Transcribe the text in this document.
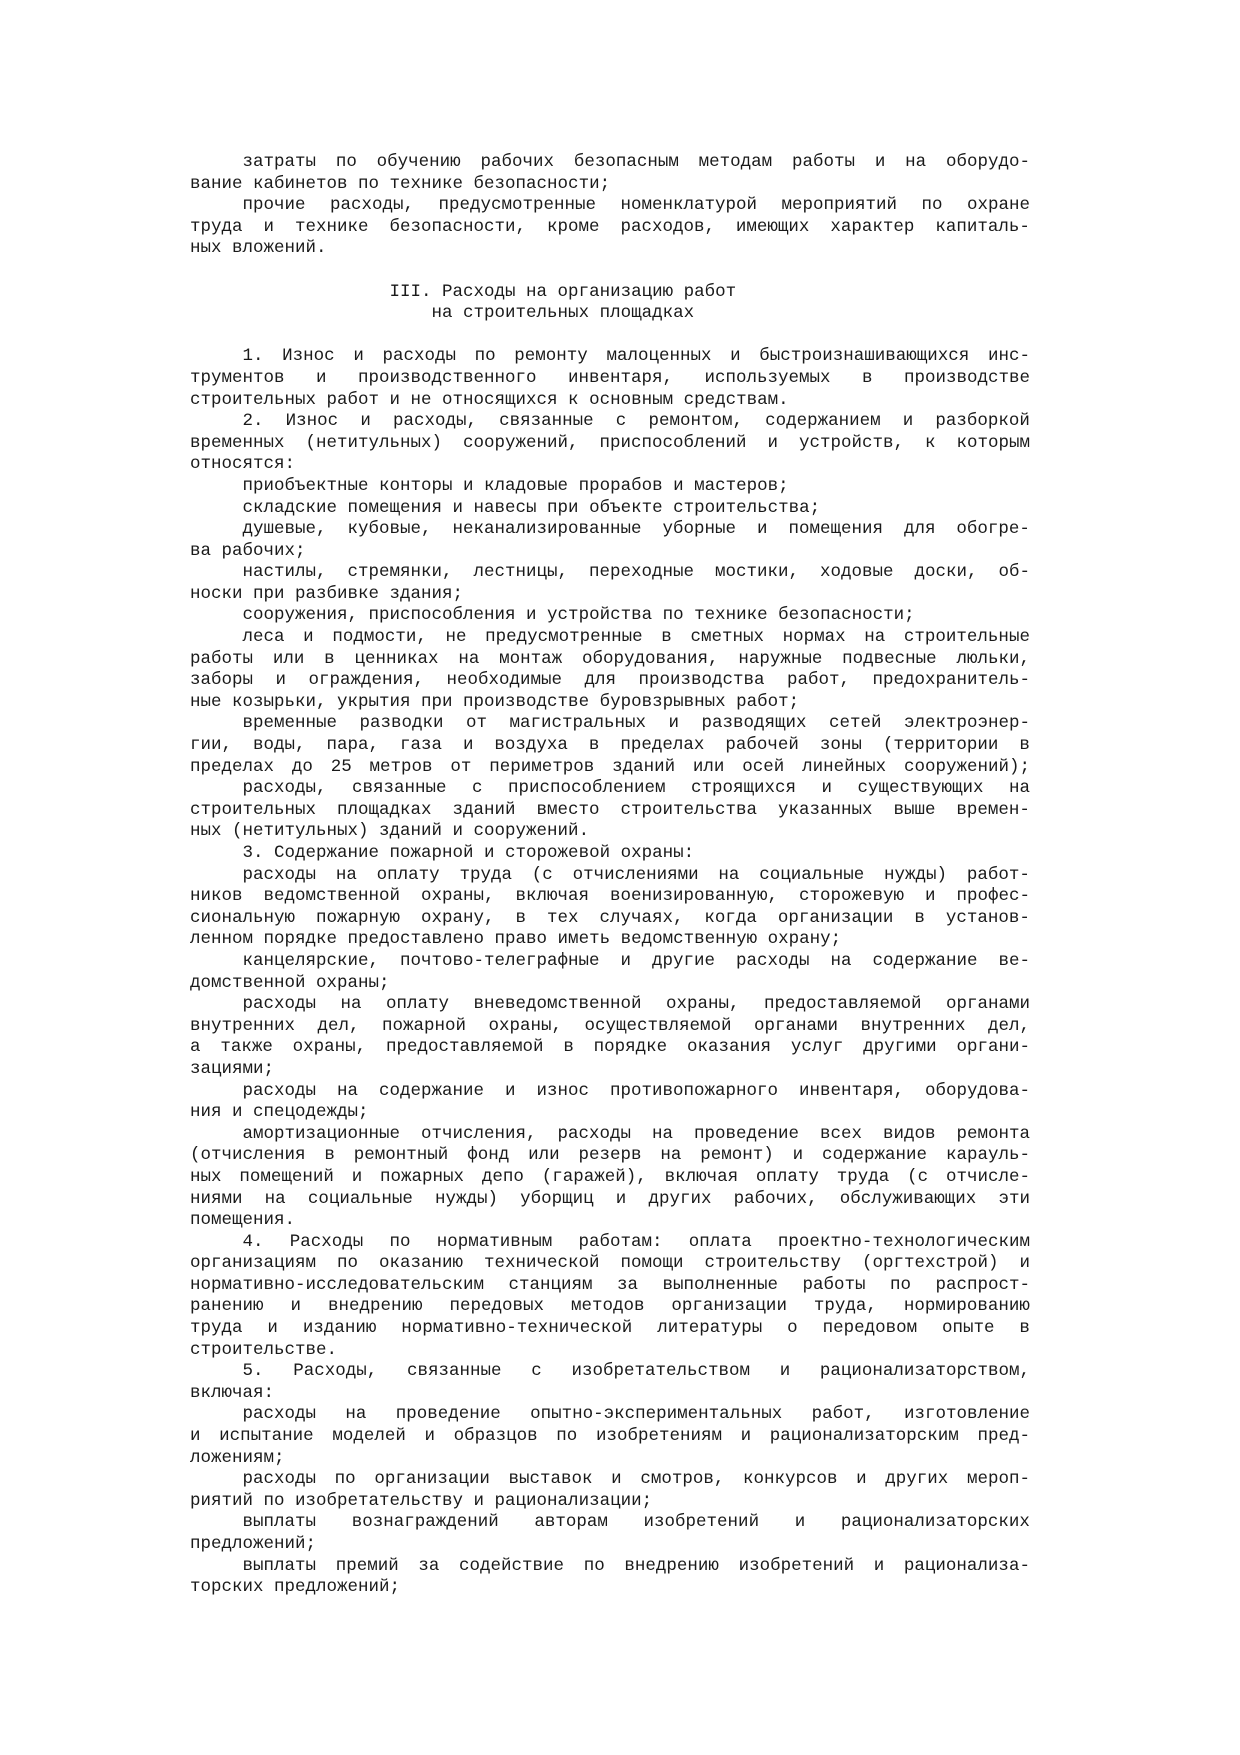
затраты по обучению рабочих безопасным методам работы и на оборудо-
вание кабинетов по технике безопасности;
прочие расходы, предусмотренные номенклатурой мероприятий по охране
труда и технике безопасности, кроме расходов, имеющих характер капиталь-
ных вложений.
III. Расходы на организацию работ
на строительных площадках
1. Износ и расходы по ремонту малоценных и быстроизнашивающихся инс-
трументов и производственного инвентаря, используемых в производстве
строительных работ и не относящихся к основным средствам.
2. Износ и расходы, связанные с ремонтом, содержанием и разборкой
временных (нетитульных) сооружений, приспособлений и устройств, к которым
относятся:
приобъектные конторы и кладовые прорабов и мастеров;
складские помещения и навесы при объекте строительства;
душевые, кубовые, неканализированные уборные и помещения для обогре-
ва рабочих;
настилы, стремянки, лестницы, переходные мостики, ходовые доски, об-
носки при разбивке здания;
сооружения, приспособления и устройства по технике безопасности;
леса и подмости, не предусмотренные в сметных нормах на строительные
работы или в ценниках на монтаж оборудования, наружные подвесные люльки,
заборы и ограждения, необходимые для производства работ, предохранитель-
ные козырьки, укрытия при производстве буровзрывных работ;
временные разводки от магистральных и разводящих сетей электроэнер-
гии, воды, пара, газа и воздуха в пределах рабочей зоны (территории в
пределах до 25 метров от периметров зданий или осей линейных сооружений);
расходы, связанные с приспособлением строящихся и существующих на
строительных площадках зданий вместо строительства указанных выше времен-
ных (нетитульных) зданий и сооружений.
3. Содержание пожарной и сторожевой охраны:
расходы на оплату труда (с отчислениями на социальные нужды) работ-
ников ведомственной охраны, включая военизированную, сторожевую и профес-
сиональную пожарную охрану, в тех случаях, когда организации в установ-
ленном порядке предоставлено право иметь ведомственную охрану;
канцелярские, почтово-телеграфные и другие расходы на содержание ве-
домственной охраны;
расходы на оплату вневедомственной охраны, предоставляемой органами
внутренних дел, пожарной охраны, осуществляемой органами внутренних дел,
а также охраны, предоставляемой в порядке оказания услуг другими органи-
зациями;
расходы на содержание и износ противопожарного инвентаря, оборудова-
ния и спецодежды;
амортизационные отчисления, расходы на проведение всех видов ремонта
(отчисления в ремонтный фонд или резерв на ремонт) и содержание карауль-
ных помещений и пожарных депо (гаражей), включая оплату труда (с отчисле-
ниями на социальные нужды) уборщиц и других рабочих, обслуживающих эти
помещения.
4. Расходы по нормативным работам: оплата проектно-технологическим
организациям по оказанию технической помощи строительству (оргтехстрой) и
нормативно-исследовательским станциям за выполненные работы по распрост-
ранению и внедрению передовых методов организации труда, нормированию
труда и изданию нормативно-технической литературы о передовом опыте в
строительстве.
5. Расходы, связанные с изобретательством и рационализаторством,
включая:
расходы на проведение опытно-экспериментальных работ, изготовление
и испытание моделей и образцов по изобретениям и рационализаторским пред-
ложениям;
расходы по организации выставок и смотров, конкурсов и других мероп-
риятий по изобретательству и рационализации;
выплаты вознаграждений авторам изобретений и рационализаторских
предложений;
выплаты премий за содействие по внедрению изобретений и рационализа-
торских предложений;
